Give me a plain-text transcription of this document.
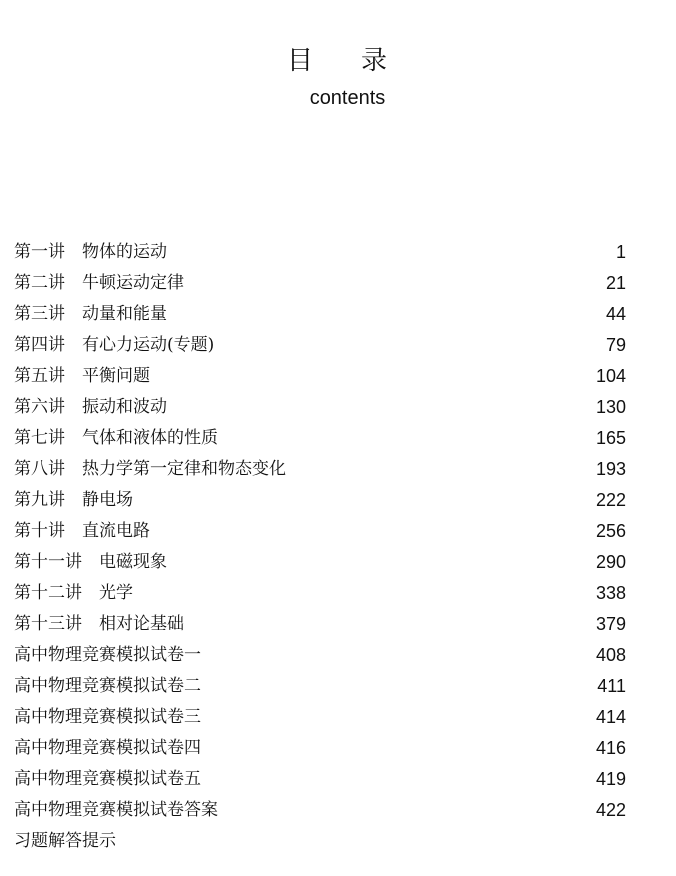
目 录
contents
第一讲　物体的运动	1
第二讲　牛顿运动定律	21
第三讲　动量和能量	44
第四讲　有心力运动(专题)	79
第五讲　平衡问题	104
第六讲　振动和波动	130
第七讲　气体和液体的性质	165
第八讲　热力学第一定律和物态变化	193
第九讲　静电场	222
第十讲　直流电路	256
第十一讲　电磁现象	290
第十二讲　光学	338
第十三讲　相对论基础	379
高中物理竞赛模拟试卷一	408
高中物理竞赛模拟试卷二	411
高中物理竞赛模拟试卷三	414
高中物理竞赛模拟试卷四	416
高中物理竞赛模拟试卷五	419
高中物理竞赛模拟试卷答案	422
习题解答提示
